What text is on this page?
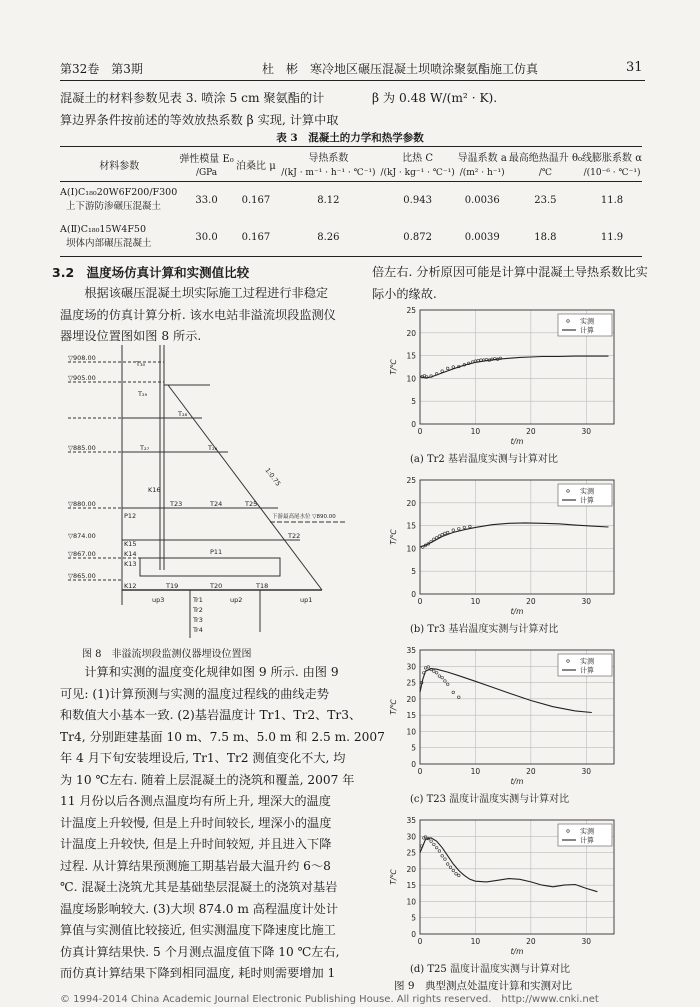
第32卷　第3期	杜　彬　寒冷地区碾压混凝土坝喷涂聚氨酯施工仿真	31
混凝土的材料参数见表 3. 喷涂 5 cm 聚氨酯的计
算边界条件按前述的等效放热系数 β 实现, 计算中取
β 为 0.48 W/(m² · K).
表 3　混凝土的力学和热学参数
材料参数	弹性模量 E₀	泊桑比 μ	导热系数	比热 C	导温系数 a	最高绝热温升 θ₀	线膨胀系数 α
	/GPa		/(kJ · m⁻¹ · h⁻¹ · ℃⁻¹)	/(kJ · kg⁻¹ · ℃⁻¹)	/(m² · h⁻¹)	/℃	/(10⁻⁶ · ℃⁻¹)

A(Ⅰ)C₁₈₀20W6F200/F300
上下游防渗碾压混凝土	33.0	0.167	8.12	0.943	0.0036	23.5	11.8

A(Ⅱ)C₁₈₀15W4F50
坝体内部碾压混凝土	30.0	0.167	8.26	0.872	0.0039	18.8	11.9
3.2　温度场仿真计算和实测值比较
　　根据该碾压混凝土坝实际施工过程进行非稳定
温度场的仿真计算分析. 该水电站非溢流坝段监测仪
器埋设位置图如图 8 所示.
倍左右. 分析原因可能是计算中混凝土导热系数比实
际小的缘故.
▽908.00
▽905.00
▽885.00
▽880.00
▽874.00
▽867.00
▽865.00
T₃₀
T₂₉
T₂₈
T₂₇	T₂₆
K16
T23	T24	T25
T22
P12
P11
K15
K14
K13
K12	T19	T20	T18
Tr1
Tr2
Tr3
Tr4
up3	up2	up1
1:0.75
下游最高尾水位 ▽890.00
图 8　非溢流坝段监测仪器埋设位置图
　　计算和实测的温度变化规律如图 9 所示. 由图 9
可见: (1)计算预测与实测的温度过程线的曲线走势
和数值大小基本一致. (2)基岩温度计 Tr1、Tr2、Tr3、
Tr4, 分别距建基面 10 m、7.5 m、5.0 m 和 2.5 m. 2007
年 4 月下旬安装埋设后, Tr1、Tr2 测值变化不大, 均
为 10 ℃左右. 随着上层混凝土的浇筑和覆盖, 2007 年
11 月份以后各测点温度均有所上升, 埋深大的温度
计温度上升较慢, 但是上升时间较长, 埋深小的温度
计温度上升较快, 但是上升时间较短, 并且进入下降
过程. 从计算结果预测施工期基岩最大温升约 6～8
℃. 混凝土浇筑尤其是基础垫层混凝土的浇筑对基岩
温度场影响较大. (3)大坝 874.0 m 高程温度计处计
算值与实测值比较接近, 但实测温度下降速度比施工
仿真计算结果快. 5 个月测点温度值下降 10 ℃左右,
而仿真计算结果下降到相同温度, 耗时则需要增加 1
0
5
10
15
20
25
0	10	20	30
t/m
T/℃
实测
计算
(a) Tr2 基岩温度实测与计算对比
0
5
10
15
20
25
0	10	20	30
t/m
T/℃
实测
计算
(b) Tr3 基岩温度实测与计算对比
0
5
10
15
20
25
30
35
0	10	20	30
t/m
T/℃
实测
计算
(c) T23 温度计温度实测与计算对比
0
5
10
15
20
25
30
35
0	10	20	30
t/m
T/℃
实测
计算
(d) T25 温度计温度实测与计算对比
图 9　典型测点处温度计算和实测对比
© 1994-2014 China Academic Journal Electronic Publishing House. All rights reserved.　http://www.cnki.net
